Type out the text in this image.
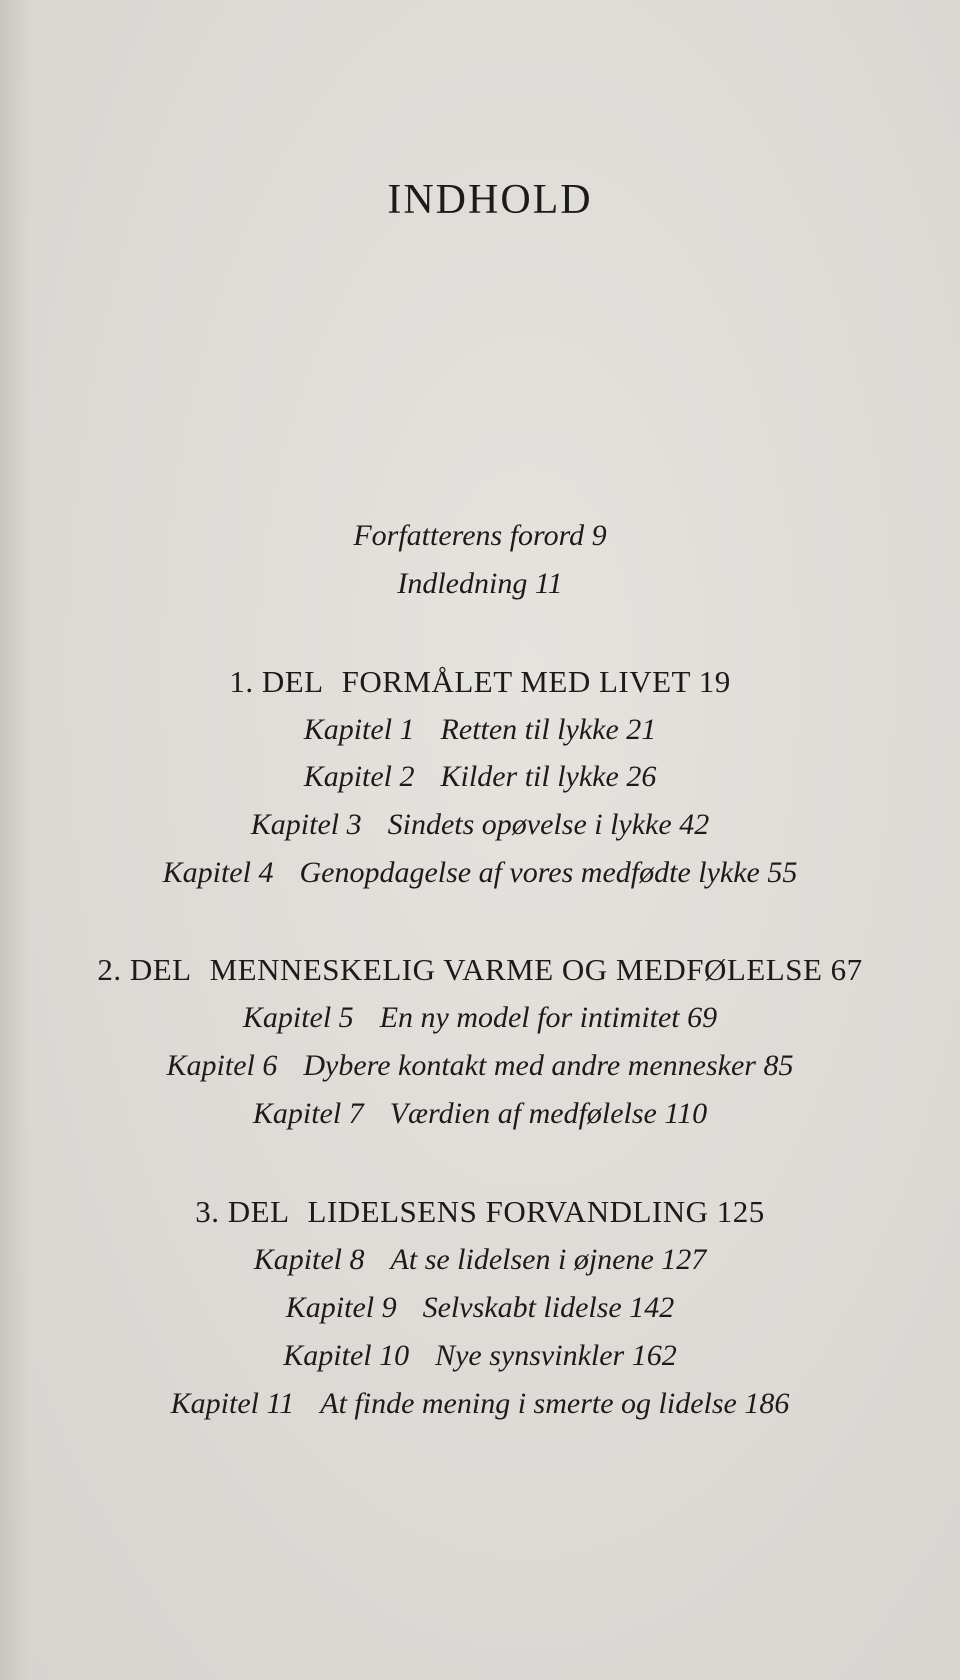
INDHOLD
Forfatterens forord 9
Indledning 11
1. DEL FORMÅLET MED LIVET 19
Kapitel 1 Retten til lykke 21
Kapitel 2 Kilder til lykke 26
Kapitel 3 Sindets opøvelse i lykke 42
Kapitel 4 Genopdagelse af vores medfødte lykke 55
2. DEL MENNESKELIG VARME OG MEDFØLELSE 67
Kapitel 5 En ny model for intimitet 69
Kapitel 6 Dybere kontakt med andre mennesker 85
Kapitel 7 Værdien af medfølelse 110
3. DEL LIDELSENS FORVANDLING 125
Kapitel 8 At se lidelsen i øjnene 127
Kapitel 9 Selvskabt lidelse 142
Kapitel 10 Nye synsvinkler 162
Kapitel 11 At finde mening i smerte og lidelse 186
